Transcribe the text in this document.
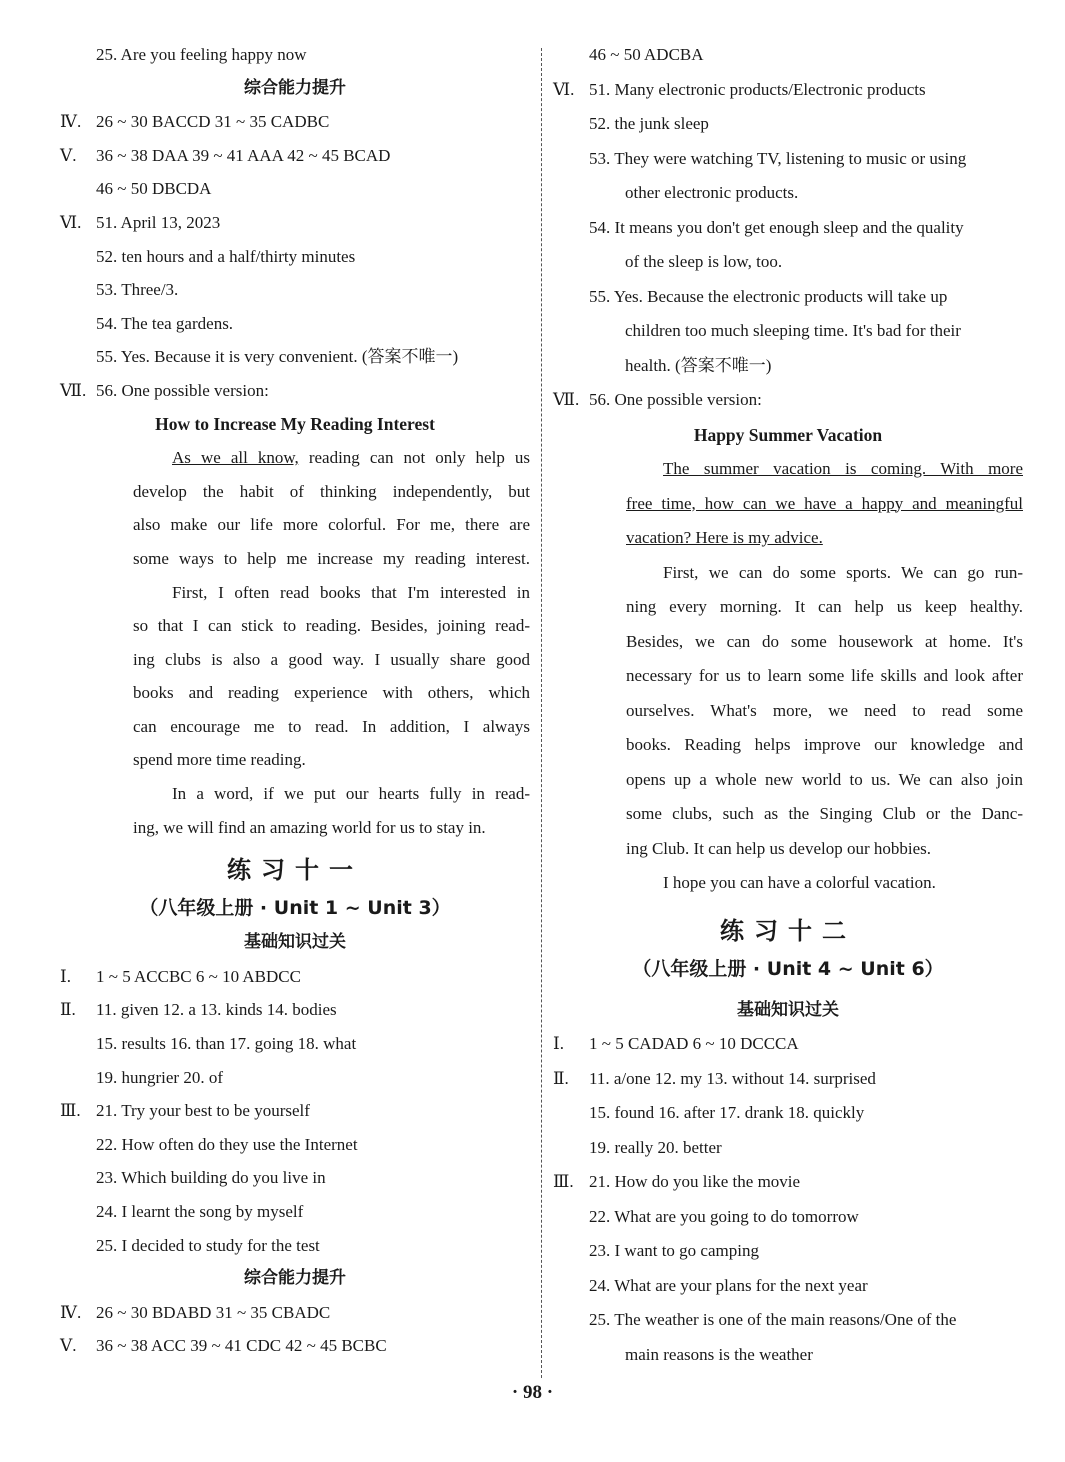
25. Are you feeling happy now
综合能力提升
Ⅳ. 26 ~ 30 BACCD 31 ~ 35 CADBC
Ⅴ. 36 ~ 38 DAA 39 ~ 41 AAA 42 ~ 45 BCAD
46 ~ 50 DBCDA
Ⅵ. 51. April 13, 2023
52. ten hours and a half/thirty minutes
53. Three/3.
54. The tea gardens.
55. Yes. Because it is very convenient. (答案不唯一)
Ⅶ. 56. One possible version:
How to Increase My Reading Interest
As we all know, reading can not only help us
develop the habit of thinking independently, but
also make our life more colorful. For me, there are
some ways to help me increase my reading interest.
First, I often read books that I'm interested in
so that I can stick to reading. Besides, joining read-
ing clubs is also a good way. I usually share good
books and reading experience with others, which
can encourage me to read. In addition, I always
spend more time reading.
In a word, if we put our hearts fully in read-
ing, we will find an amazing world for us to stay in.
练习十一
（八年级上册 · Unit 1 ~ Unit 3）
基础知识过关
Ⅰ. 1 ~ 5 ACCBC 6 ~ 10 ABDCC
Ⅱ. 11. given 12. a 13. kinds 14. bodies
15. results 16. than 17. going 18. what
19. hungrier 20. of
Ⅲ. 21. Try your best to be yourself
22. How often do they use the Internet
23. Which building do you live in
24. I learnt the song by myself
25. I decided to study for the test
综合能力提升
Ⅳ. 26 ~ 30 BDABD 31 ~ 35 CBADC
Ⅴ. 36 ~ 38 ACC 39 ~ 41 CDC 42 ~ 45 BCBC
46 ~ 50 ADCBA
Ⅵ. 51. Many electronic products/Electronic products
52. the junk sleep
53. They were watching TV, listening to music or using
other electronic products.
54. It means you don't get enough sleep and the quality
of the sleep is low, too.
55. Yes. Because the electronic products will take up
children too much sleeping time. It's bad for their
health. (答案不唯一)
Ⅶ. 56. One possible version:
Happy Summer Vacation
The summer vacation is coming. With more
free time, how can we have a happy and meaningful
vacation? Here is my advice.
First, we can do some sports. We can go run-
ning every morning. It can help us keep healthy.
Besides, we can do some housework at home. It's
necessary for us to learn some life skills and look after
ourselves. What's more, we need to read some
books. Reading helps improve our knowledge and
opens up a whole new world to us. We can also join
some clubs, such as the Singing Club or the Danc-
ing Club. It can help us develop our hobbies.
I hope you can have a colorful vacation.
练习十二
（八年级上册 · Unit 4 ~ Unit 6）
基础知识过关
Ⅰ. 1 ~ 5 CADAD 6 ~ 10 DCCCA
Ⅱ. 11. a/one 12. my 13. without 14. surprised
15. found 16. after 17. drank 18. quickly
19. really 20. better
Ⅲ. 21. How do you like the movie
22. What are you going to do tomorrow
23. I want to go camping
24. What are your plans for the next year
25. The weather is one of the main reasons/One of the
main reasons is the weather
· 98 ·
